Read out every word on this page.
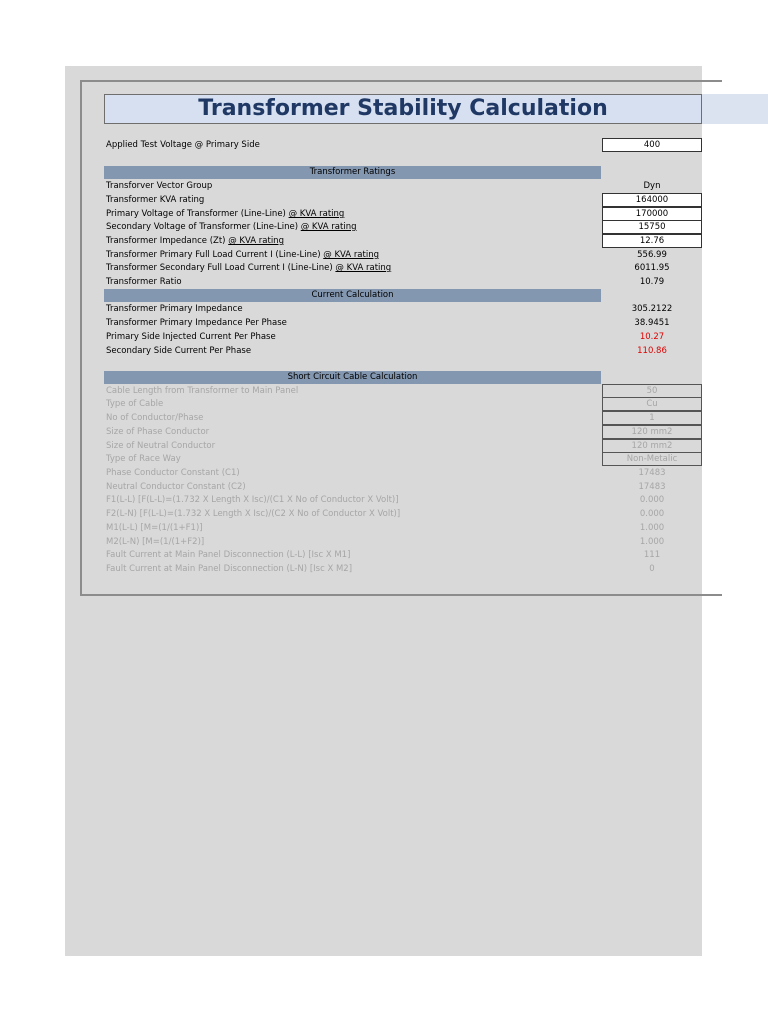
Transformer Stability Calculation
Applied Test Voltage @ Primary Side	400
Transformer Ratings
Transforver Vector Group	Dyn
Transformer KVA rating	164000
Primary Voltage of Transformer (Line-Line) @ KVA rating	170000
Secondary Voltage of Transformer (Line-Line) @ KVA rating	15750
Transformer Impedance (Zt) @ KVA rating	12.76
Transformer Primary Full Load Current I (Line-Line) @ KVA rating	556.99
Transformer Secondary Full Load Current I (Line-Line) @ KVA rating	6011.95
Transformer Ratio	10.79
Current Calculation
Transformer Primary Impedance	305.2122
Transformer Primary Impedance Per Phase	38.9451
Primary Side Injected Current Per Phase	10.27
Secondary Side Current Per Phase	110.86
Short Circuit Cable Calculation
Cable Length from Transformer to Main Panel	50
Type of Cable	Cu
No of Conductor/Phase	1
Size of Phase Conductor	120 mm2
Size of Neutral Conductor	120 mm2
Type of Race Way	Non-Metalic
Phase Conductor Constant (C1)	17483
Neutral Conductor Constant (C2)	17483
F1(L-L) [F(L-L)=(1.732 X Length X Isc)/(C1 X No of Conductor X Volt)]	0.000
F2(L-N) [F(L-L)=(1.732 X Length X Isc)/(C2 X No of Conductor X Volt)]	0.000
M1(L-L) [M=(1/(1+F1)]	1.000
M2(L-N) [M=(1/(1+F2)]	1.000
Fault Current at Main Panel Disconnection (L-L) [Isc X M1]	111
Fault Current at Main Panel Disconnection (L-N) [Isc X M2]	0
